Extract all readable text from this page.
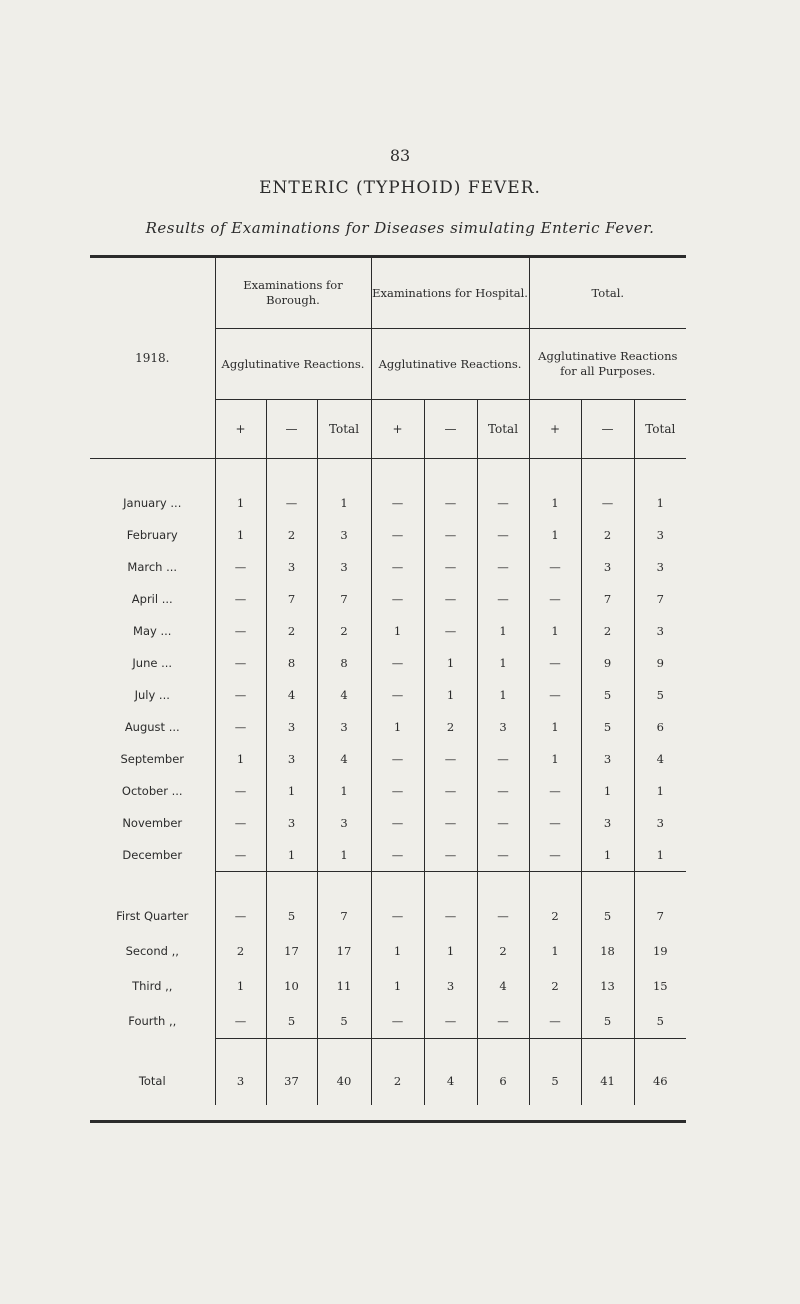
83
ENTERIC (TYPHOID) FEVER.
Results of Examinations for Diseases simulating Enteric Fever.
1918.	Examinations for Borough.			Examinations for Hospital.			Total.		
	Agglutinative Reactions.			Agglutinative Reactions.			Agglutinative Reactions for all Purposes.		
	+	—	Total	+	—	Total	+	—	Total

January ...	1	—	1	—	—	—	1	—	1
February	1	2	3	—	—	—	1	2	3
March ...	—	3	3	—	—	—	—	3	3
April ...	—	7	7	—	—	—	—	7	7
May ...	—	2	2	1	—	1	1	2	3
June ...	—	8	8	—	1	1	—	9	9
July ...	—	4	4	—	1	1	—	5	5
August ...	—	3	3	1	2	3	1	5	6
September	1	3	4	—	—	—	1	3	4
October ...	—	1	1	—	—	—	—	1	1
November	—	3	3	—	—	—	—	3	3
December	—	1	1	—	—	—	—	1	1

First Quarter	—	5	7	—	—	—	2	5	7
Second ,,	2	17	17	1	1	2	1	18	19
Third ,,	1	10	11	1	3	4	2	13	15
Fourth ,,	—	5	5	—	—	—	—	5	5

Total	3	37	40	2	4	6	5	41	46
